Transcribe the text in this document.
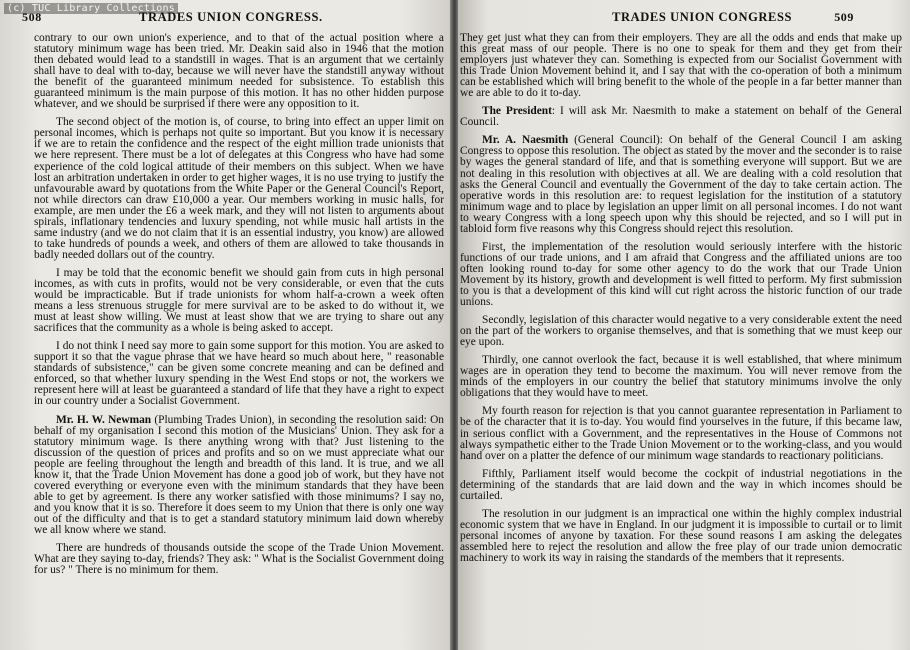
508	TRADES UNION CONGRESS.

contrary to our own union's experience, and to that of the actual position where a statutory minimum wage has been tried. Mr. Deakin said also in 1946 that the motion then debated would lead to a standstill in wages. That is an argument that we certainly shall have to deal with to-day, because we will never have the standstill anyway without the benefit of the guaranteed minimum needed for subsistence. To establish this guaranteed minimum is the main purpose of this motion. It has no other hidden purpose whatever, and we should be surprised if there were any opposition to it.

The second object of the motion is, of course, to bring into effect an upper limit on personal incomes, which is perhaps not quite so important. But you know it is necessary if we are to retain the confidence and the respect of the eight million trade unionists that we here represent. There must be a lot of delegates at this Congress who have had some experience of the cold logical attitude of their members on this subject. When we have lost an arbitration undertaken in order to get higher wages, it is no use trying to justify the unfavourable award by quotations from the White Paper or the General Council's Report, not while directors can draw £10,000 a year. Our members working in music halls, for example, are men under the £6 a week mark, and they will not listen to arguments about spirals, inflationary tendencies and luxury spending, not while music hall artists in the same industry (and we do not claim that it is an essential industry, you know) are allowed to take hundreds of pounds a week, and others of them are allowed to take thousands in badly needed dollars out of the country.

I may be told that the economic benefit we should gain from cuts in high personal incomes, as with cuts in profits, would not be very considerable, or even that the cuts would be impracticable. But if trade unionists for whom half-a-crown a week often means a less strenuous struggle for mere survival are to be asked to do without it, we must at least show willing. We must at least show that we are trying to share out any sacrifices that the community as a whole is being asked to accept.

I do not think I need say more to gain some support for this motion. You are asked to support it so that the vague phrase that we have heard so much about here, " reasonable standards of subsistence," can be given some concrete meaning and can be defined and enforced, so that whether luxury spending in the West End stops or not, the workers we represent here will at least be guaranteed a standard of life that they have a right to expect in our country under a Socialist Government.

Mr. H. W. Newman (Plumbing Trades Union), in seconding the resolution said: On behalf of my organisation I second this motion of the Musicians' Union. They ask for a statutory minimum wage. Is there anything wrong with that? Just listening to the discussion of the question of prices and profits and so on we must appreciate what our people are feeling throughout the length and breadth of this land. It is true, and we all know it, that the Trade Union Movement has done a good job of work, but they have not covered everything or everyone even with the minimum standards that they have been able to get by agreement. Is there any worker satisfied with those minimums? I say no, and you know that it is so. Therefore it does seem to my Union that there is only one way out of the difficulty and that is to get a standard statutory minimum laid down whereby we all know where we stand.

There are hundreds of thousands outside the scope of the Trade Union Movement. What are they saying to-day, friends? They ask: " What is the Socialist Government doing for us? " There is no minimum for them.

TRADES UNION CONGRESS	509

They get just what they can from their employers. They are all the odds and ends that make up this great mass of our people. There is no one to speak for them and they get from their employers just whatever they can. Something is expected from our Socialist Government with this Trade Union Movement behind it, and I say that with the co-operation of both a minimum can be established which will bring benefit to the whole of the people in a far better manner than we are able to do it to-day.

The President: I will ask Mr. Naesmith to make a statement on behalf of the General Council.

Mr. A. Naesmith (General Council): On behalf of the General Council I am asking Congress to oppose this resolution. The object as stated by the mover and the seconder is to raise by wages the general standard of life, and that is something everyone will support. But we are not dealing in this resolution with objectives at all. We are dealing with a cold resolution that asks the General Council and eventually the Government of the day to take certain action. The operative words in this resolution are: to request legislation for the institution of a statutory minimum wage and to place by legislation an upper limit on all personal incomes. I do not want to weary Congress with a long speech upon why this should be rejected, and so I will put in tabloid form five reasons why this Congress should reject this resolution.

First, the implementation of the resolution would seriously interfere with the historic functions of our trade unions, and I am afraid that Congress and the affiliated unions are too often looking round to-day for some other agency to do the work that our Trade Union Movement by its history, growth and development is well fitted to perform. My first submission to you is that a development of this kind will cut right across the historic function of our trade unions.

Secondly, legislation of this character would negative to a very considerable extent the need on the part of the workers to organise themselves, and that is something that we must keep our eye upon.

Thirdly, one cannot overlook the fact, because it is well established, that where minimum wages are in operation they tend to become the maximum. You will never remove from the minds of the employers in our country the belief that statutory minimums involve the only obligations that they would have to meet.

My fourth reason for rejection is that you cannot guarantee representation in Parliament to be of the character that it is to-day. You would find yourselves in the future, if this became law, in serious conflict with a Government, and the representatives in the House of Commons not always sympathetic either to the Trade Union Movement or to the working-class, and you would hand over on a platter the defence of our minimum wage standards to reactionary politicians.

Fifthly, Parliament itself would become the cockpit of industrial negotiations in the determining of the standards that are laid down and the way in which incomes should be curtailed.

The resolution in our judgment is an impractical one within the highly complex industrial economic system that we have in England. In our judgment it is impossible to curtail or to limit personal incomes of anyone by taxation. For these sound reasons I am asking the delegates assembled here to reject the resolution and allow the free play of our trade union democratic machinery to work its way in raising the standards of the members that it represents.

(c) TUC Library Collections
